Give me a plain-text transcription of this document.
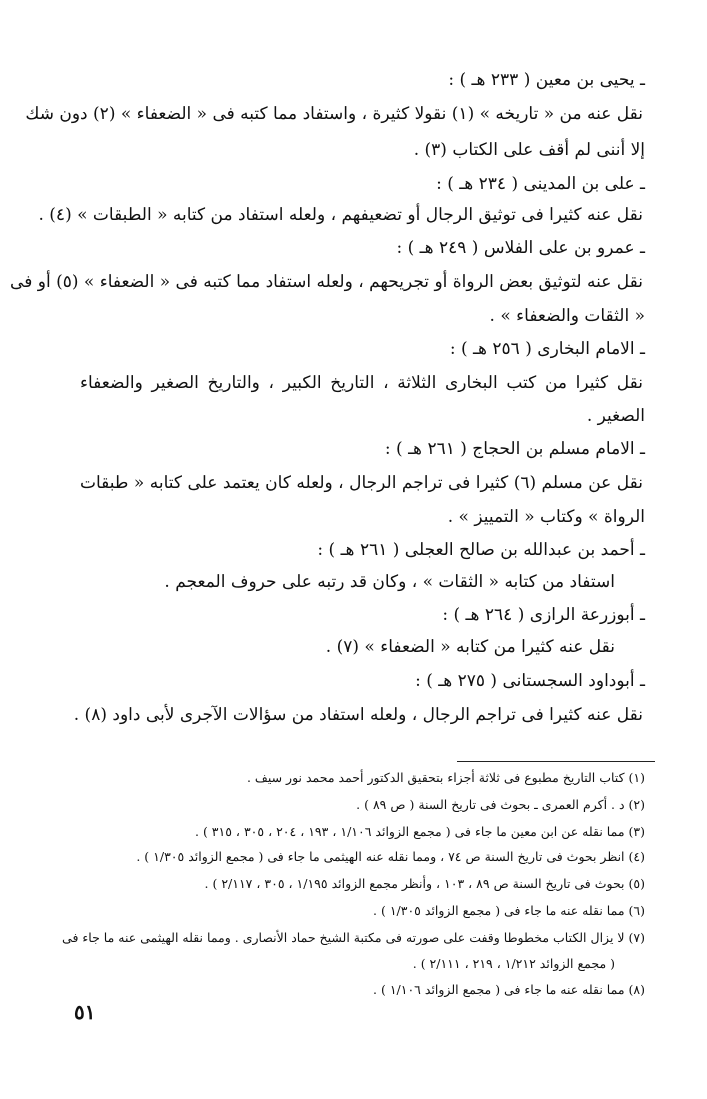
ـ يحيى بن معين ( ٢٣٣ هـ ) :
نقل عنه من « تاريخه » (١) نقولا كثيرة ، واستفاد مما كتبه فى « الضعفاء » (٢) دون شك
إلا أننى لم أقف على الكتاب (٣) .
ـ على بن المدينى ( ٢٣٤ هـ ) :
نقل عنه كثيرا فى توثيق الرجال أو تضعيفهم ، ولعله استفاد من كتابه « الطبقات » (٤) .
ـ عمرو بن على الفلاس ( ٢٤٩ هـ ) :
نقل عنه لتوثيق بعض الرواة أو تجريحهم ، ولعله استفاد مما كتبه فى « الضعفاء » (٥) أو فى
« الثقات والضعفاء » .
ـ الامام البخارى ( ٢٥٦ هـ ) :
نقل كثيرا من كتب البخارى الثلاثة ، التاريخ الكبير ، والتاريخ الصغير والضعفاء
الصغير .
ـ الامام مسلم بن الحجاج ( ٢٦١ هـ ) :
نقل عن مسلم (٦) كثيرا فى تراجم الرجال ، ولعله كان يعتمد على كتابه « طبقات
الرواة » وكتاب « التمييز » .
ـ أحمد بن عبدالله بن صالح العجلى ( ٢٦١ هـ ) :
استفاد من كتابه « الثقات » ، وكان قد رتبه على حروف المعجم .
ـ أبوزرعة الرازى ( ٢٦٤ هـ ) :
نقل عنه كثيرا من كتابه « الضعفاء » (٧) .
ـ أبوداود السجستانى ( ٢٧٥ هـ ) :
نقل عنه كثيرا فى تراجم الرجال ، ولعله استفاد من سؤالات الآجرى لأبى داود (٨) .
(١) كتاب التاريخ مطبوع فى ثلاثة أجزاء بتحقيق الدكتور أحمد محمد نور سيف .
(٢) د . أكرم العمرى ـ بحوث فى تاريخ السنة ( ص ٨٩ ) .
(٣) مما نقله عن ابن معين ما جاء فى ( مجمع الزوائد ١/١٠٦ ، ١٩٣ ، ٢٠٤ ، ٣٠٥ ، ٣١٥ ) .
(٤) انظر بحوث فى تاريخ السنة ص ٧٤ ، ومما نقله عنه الهيثمى ما جاء فى ( مجمع الزوائد ١/٣٠٥ ) .
(٥) بحوث فى تاريخ السنة ص ٨٩ ، ١٠٣ ، وأنظر مجمع الزوائد ١/١٩٥ ، ٣٠٥ ، ٢/١١٧ ) .
(٦) مما نقله عنه ما جاء فى ( مجمع الزوائد ١/٣٠٥ ) .
(٧) لا يزال الكتاب مخطوطا وقفت على صورته فى مكتبة الشيخ حماد الأنصارى . ومما نقله الهيثمى عنه ما جاء فى
( مجمع الزوائد ١/٢١٢ ، ٢١٩ ، ٢/١١١ ) .
(٨) مما نقله عنه ما جاء فى ( مجمع الزوائد ١/١٠٦ ) .
٥١
